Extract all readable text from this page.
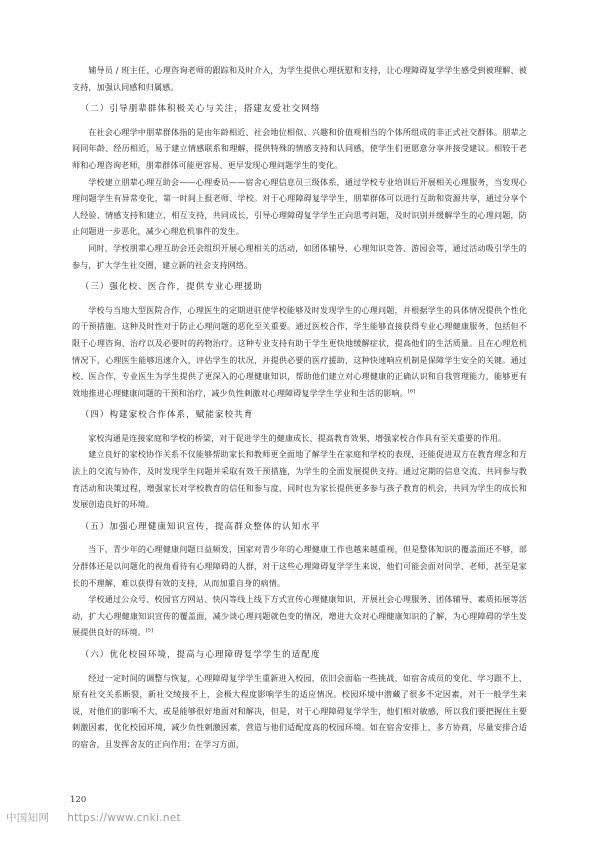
辅导员 / 班主任、心理咨询老师的跟踪和及时介入，为学生提供心理抚慰和支持，让心理障碍复学学生感受到被理解、被支持，加强认同感和归属感。

（二）引导朋辈群体积极关心与关注，搭建友爱社交网络

在社会心理学中朋辈群体指的是由年龄相近、社会地位相似、兴趣和价值观相当的个体所组成的非正式社交群体。朋辈之间同年龄、经历相近，易于建立情感联系和理解，提供特殊的情感支持和认同感，使学生们更愿意分享并接受建议。相较于老师和心理咨询老师，朋辈群体可能更容易、更早发现心理问题学生的变化。

学校建立朋辈心理互助会——心理委员——宿舍心理信息员三级体系，通过学校专业培训后开展相关心理服务，当发现心理问题学生有异常变化，第一时间上报老师、学校。对于心理障碍复学学生，朋辈群体可以进行互助和资源共享，通过分享个人经验、情感支持和建立，相互支持，共同成长，引导心理障碍复学学生正向思考问题，及时识别并缓解学生的心理问题，防止问题进一步恶化，减少心理危机事件的发生。

同时，学校朋辈心理互助会还会组织开展心理相关的活动，如团体辅导、心理知识竞答、游园会等，通过活动吸引学生的参与，扩大学生社交圈，建立新的社会支持网络。

（三）强化校、医合作，提供专业心理援助

学校与当地大型医院合作，心理医生的定期进驻使学校能够及时发现学生的心理问题，并根据学生的具体情况提供个性化的干预措施。这种及时性对于防止心理问题的恶化至关重要。通过医校合作，学生能够直接获得专业心理健康服务，包括但不限于心理咨询、治疗以及必要时的药物治疗。这种专业支持有助于学生更快地缓解症状，提高他们的生活质量。且在心理危机情况下，心理医生能够迅速介入，评估学生的状况，并提供必要的医疗援助，这种快速响应机制是保障学生安全的关键。通过校、医合作，专业医生为学生提供了更深入的心理健康知识，帮助他们建立对心理健康的正确认识和自我管理能力，能够更有效地推进心理健康问题的干预和治疗，减少负性刺激对心理障碍复学学生学业和生活的影响。[6]

（四）构建家校合作体系，赋能家校共育

家校沟通是连接家庭和学校的桥梁，对于促进学生的健康成长、提高教育效果、增强家校合作具有至关重要的作用。

建立良好的家校协作关系不仅能够帮助家长和教师更全面地了解学生在家庭和学校的表现，还能促进双方在教育理念和方法上的交流与协作，及时发现学生问题并采取有效干预措施，为学生的全面发展提供支持。通过定期的信息交流、共同参与教育活动和决策过程，增强家长对学校教育的信任和参与度，同时也为家长提供更多参与孩子教育的机会，共同为学生的成长和发展创造良好的环境。

（五）加强心理健康知识宣传，提高群众整体的认知水平

当下，青少年的心理健康问题日益频发，国家对青少年的心理健康工作也越来越重视，但是整体知识的覆盖面还不够，部分群体还是以问题化的视角看待有心理障碍的人群，对于这些心理障碍复学学生来说，他们可能会面对同学、老师，甚至是家长的不理解，难以获得有效的支持，从而加重自身的病情。

学校通过公众号、校园官方网站、快闪等线上线下方式宣传心理健康知识，开展社会心理服务、团体辅导、素质拓展等活动，扩大心理健康知识宣传的覆盖面，减少谈心理问题就色变的情况，增进大众对心理健康知识的了解，为心理障碍的学生发展提供良好的环境。[5]

（六）优化校园环境，提高与心理障碍复学学生的适配度

经过一定时间的调整与恢复，心理障碍复学学生重新进入校园，依旧会面临一些挑战，如宿舍成员的变化、学习跟不上、原有社交关系断裂，新社交绫接不上，会极大程度影响学生的适应情况。校园环境中潜藏了很多不定因素，对于一般学生来说，对他们的影响不大，或是能够很好地面对和解决，但是，对于心理障碍复学学生，他们相对敏感，所以我们要把握住主要刺激因素，优化校园环境，减少负性刺激因素，营造与他们适配度高的校园环境。如在宿舍安排上，多方协商，尽量安排合适的宿舍，且发挥舍友的正向作用；在学习方面，

120
中国知网 https://www.cnki.net
